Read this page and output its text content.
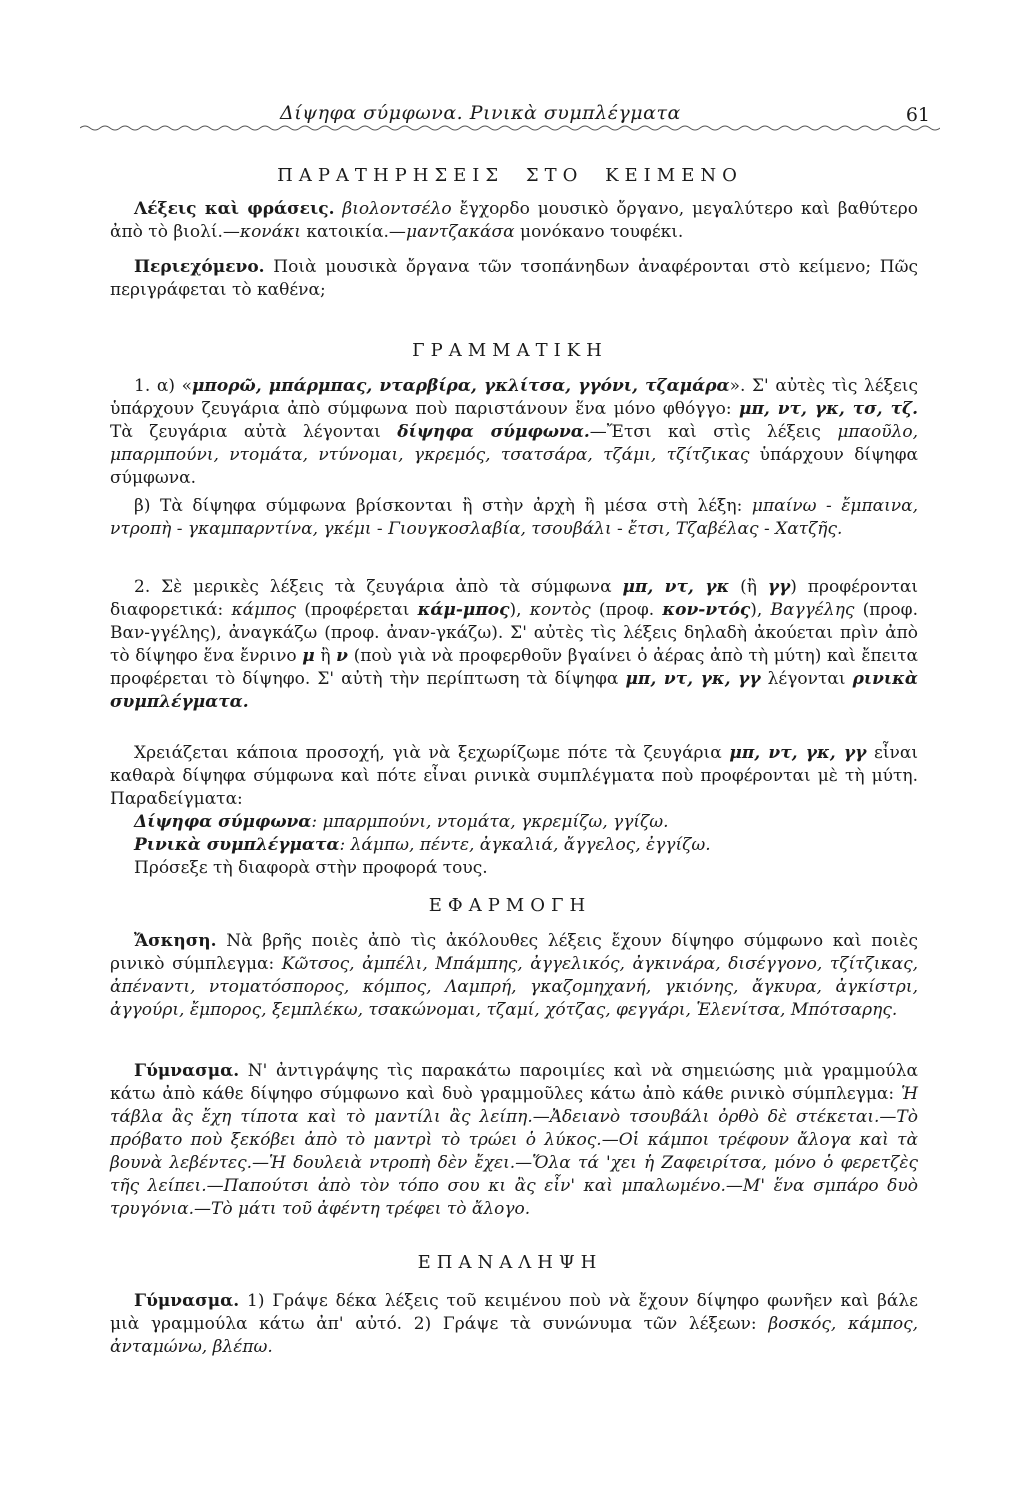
Δίψηφα σύμφωνα. Ρινικὰ συμπλέγματα	61
ΠΑΡΑΤΗΡΗΣΕΙΣ ΣΤΟ ΚΕΙΜΕΝΟ
Λέξεις καὶ φράσεις. βιολοντσέλο ἔγχορδο μουσικὸ ὄργανο, μεγαλύτερο καὶ βαθύτερο ἀπὸ τὸ βιολί.—κονάκι κατοικία.—μαντζακάσα μονόκανο τουφέκι.
Περιεχόμενο. Ποιὰ μουσικὰ ὄργανα τῶν τσοπάνηδων ἀναφέρονται στὸ κείμενο; Πῶς περιγράφεται τὸ καθένα;
ΓΡΑΜΜΑΤΙΚΗ
1. α) «μπορῶ, μπάρμπας, νταρβίρα, γκλίτσα, γγόνι, τζαμάρα». Σ' αὐτὲς τὶς λέξεις ὑπάρχουν ζευγάρια ἀπὸ σύμφωνα ποὺ παριστάνουν ἕνα μόνο φθόγγο: μπ, ντ, γκ, τσ, τζ. Τὰ ζευγάρια αὐτὰ λέγονται δίψηφα σύμφωνα.—Ἔτσι καὶ στὶς λέξεις μπαοῦλο, μπαρμπούνι, ντομάτα, ντύνομαι, γκρεμός, τσατσάρα, τζάμι, τζίτζικας ὑπάρχουν δίψηφα σύμφωνα.
β) Τὰ δίψηφα σύμφωνα βρίσκονται ἢ στὴν ἀρχὴ ἢ μέσα στὴ λέξη: μπαίνω - ἔμπαινα, ντροπὴ - γκαμπαρντίνα, γκέμι - Γιουγκοσλαβία, τσουβάλι - ἔτσι, Τζαβέλας - Χατζῆς.
2. Σὲ μερικὲς λέξεις τὰ ζευγάρια ἀπὸ τὰ σύμφωνα μπ, ντ, γκ (ἢ γγ) προφέρονται διαφορετικά: κάμπος (προφέρεται κάμ-μπος), κοντὸς (προφ. κον-ντός), Βαγγέλης (προφ. Βαν-γγέλης), ἀναγκάζω (προφ. ἀναν-γκάζω). Σ' αὐτὲς τὶς λέξεις δηλαδὴ ἀκούεται πρὶν ἀπὸ τὸ δίψηφο ἕνα ἔνρινο μ ἢ ν (ποὺ γιὰ νὰ προφερθοῦν βγαίνει ὁ ἀέρας ἀπὸ τὴ μύτη) καὶ ἔπειτα προφέρεται τὸ δίψηφο. Σ' αὐτὴ τὴν περίπτωση τὰ δίψηφα μπ, ντ, γκ, γγ λέγονται ρινικὰ συμπλέγματα.
Χρειάζεται κάποια προσοχή, γιὰ νὰ ξεχωρίζωμε πότε τὰ ζευγάρια μπ, ντ, γκ, γγ εἶναι καθαρὰ δίψηφα σύμφωνα καὶ πότε εἶναι ρινικὰ συμπλέγματα ποὺ προφέρονται μὲ τὴ μύτη. Παραδείγματα:
Δίψηφα σύμφωνα: μπαρμπούνι, ντομάτα, γκρεμίζω, γγίζω.
Ρινικὰ συμπλέγματα: λάμπω, πέντε, ἀγκαλιά, ἄγγελος, ἐγγίζω.
Πρόσεξε τὴ διαφορὰ στὴν προφορά τους.
ΕΦΑΡΜΟΓΗ
Ἄσκηση. Νὰ βρῆς ποιὲς ἀπὸ τὶς ἀκόλουθες λέξεις ἔχουν δίψηφο σύμφωνο καὶ ποιὲς ρινικὸ σύμπλεγμα: Κῶτσος, ἀμπέλι, Μπάμπης, ἀγγελικός, ἀγκινάρα, δισέγγονο, τζίτζικας, ἀπέναντι, ντοματόσπορος, κόμπος, Λαμπρή, γκαζομηχανή, γκιόνης, ἄγκυρα, ἀγκίστρι, ἀγγούρι, ἔμπορος, ξεμπλέκω, τσακώνομαι, τζαμί, χότζας, φεγγάρι, Ἑλενίτσα, Μπότσαρης.
Γύμνασμα. Ν' ἀντιγράψης τὶς παρακάτω παροιμίες καὶ νὰ σημειώσης μιὰ γραμμούλα κάτω ἀπὸ κάθε δίψηφο σύμφωνο καὶ δυὸ γραμμοῦλες κάτω ἀπὸ κάθε ρινικὸ σύμπλεγμα: Ἡ τάβλα ἂς ἔχη τίποτα καὶ τὸ μαντίλι ἂς λείπη.—Ἀδειανὸ τσουβάλι ὀρθὸ δὲ στέκεται.—Τὸ πρόβατο ποὺ ξεκόβει ἀπὸ τὸ μαντρὶ τὸ τρώει ὁ λύκος.—Οἱ κάμποι τρέφουν ἄλογα καὶ τὰ βουνὰ λεβέντες.—Ἡ δουλειὰ ντροπὴ δὲν ἔχει.—Ὅλα τά 'χει ἡ Ζαφειρίτσα, μόνο ὁ φερετζὲς τῆς λείπει.—Παπούτσι ἀπὸ τὸν τόπο σου κι ἂς εἶν' καὶ μπαλωμένο.—Μ' ἕνα σμπάρο δυὸ τρυγόνια.—Τὸ μάτι τοῦ ἀφέντη τρέφει τὸ ἄλογο.
ΕΠΑΝΑΛΗΨΗ
Γύμνασμα. 1) Γράψε δέκα λέξεις τοῦ κειμένου ποὺ νὰ ἔχουν δίψηφο φωνῆεν καὶ βάλε μιὰ γραμμούλα κάτω ἀπ' αὐτό. 2) Γράψε τὰ συνώνυμα τῶν λέξεων: βοσκός, κάμπος, ἀνταμώνω, βλέπω.
